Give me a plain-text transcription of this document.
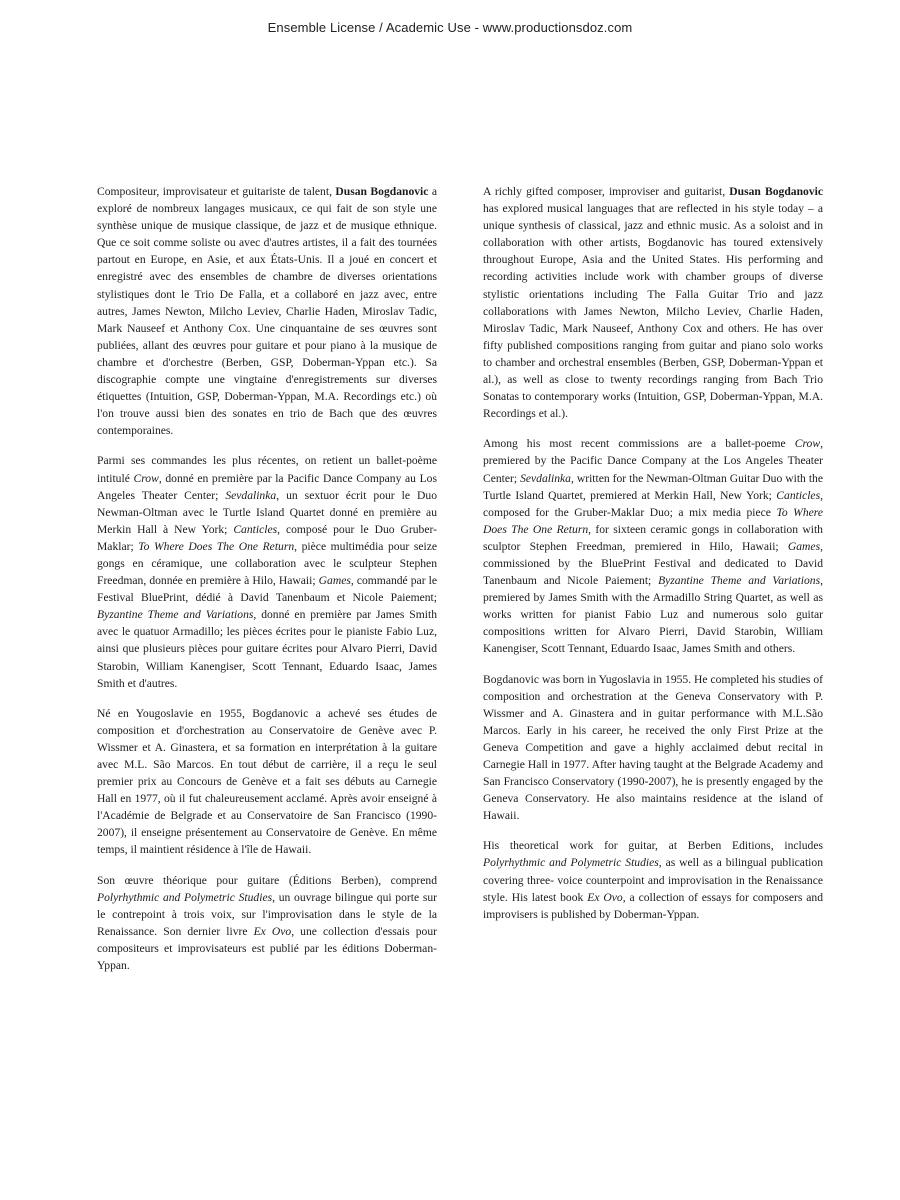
Ensemble License / Academic Use - www.productionsdoz.com

Compositeur, improvisateur et guitariste de talent, Dusan Bogdanovic a exploré de nombreux langages musicaux, ce qui fait de son style une synthèse unique de musique classique, de jazz et de musique ethnique. Que ce soit comme soliste ou avec d'autres artistes, il a fait des tournées partout en Europe, en Asie, et aux États-Unis. Il a joué en concert et enregistré avec des ensembles de chambre de diverses orientations stylistiques dont le Trio De Falla, et a collaboré en jazz avec, entre autres, James Newton, Milcho Leviev, Charlie Haden, Miroslav Tadic, Mark Nauseef et Anthony Cox. Une cinquantaine de ses œuvres sont publiées, allant des œuvres pour guitare et pour piano à la musique de chambre et d'orchestre (Berben, GSP, Doberman-Yppan etc.). Sa discographie compte une vingtaine d'enregistrements sur diverses étiquettes (Intuition, GSP, Doberman-Yppan, M.A. Recordings etc.) où l'on trouve aussi bien des sonates en trio de Bach que des œuvres contemporaines.

Parmi ses commandes les plus récentes, on retient un ballet-poème intitulé Crow, donné en première par la Pacific Dance Company au Los Angeles Theater Center; Sevdalinka, un sextuor écrit pour le Duo Newman-Oltman avec le Turtle Island Quartet donné en première au Merkin Hall à New York; Canticles, composé pour le Duo Gruber-Maklar; To Where Does The One Return, pièce multimédia pour seize gongs en céramique, une collaboration avec le sculpteur Stephen Freedman, donnée en première à Hilo, Hawaii; Games, commandé par le Festival BluePrint, dédié à David Tanenbaum et Nicole Paiement; Byzantine Theme and Variations, donné en première par James Smith avec le quatuor Armadillo; les pièces écrites pour le pianiste Fabio Luz, ainsi que plusieurs pièces pour guitare écrites pour Alvaro Pierri, David Starobin, William Kanengiser, Scott Tennant, Eduardo Isaac, James Smith et d'autres.

Né en Yougoslavie en 1955, Bogdanovic a achevé ses études de composition et d'orchestration au Conservatoire de Genève avec P. Wissmer et A. Ginastera, et sa formation en interprétation à la guitare avec M.L. São Marcos. En tout début de carrière, il a reçu le seul premier prix au Concours de Genève et a fait ses débuts au Carnegie Hall en 1977, où il fut chaleureusement acclamé. Après avoir enseigné à l'Académie de Belgrade et au Conservatoire de San Francisco (1990-2007), il enseigne présentement au Conservatoire de Genève. En même temps, il maintient résidence à l'île de Hawaii.

Son œuvre théorique pour guitare (Éditions Berben), comprend Polyrhythmic and Polymetric Studies, un ouvrage bilingue qui porte sur le contrepoint à trois voix, sur l'improvisation dans le style de la Renaissance. Son dernier livre Ex Ovo, une collection d'essais pour compositeurs et improvisateurs est publié par les éditions Doberman-Yppan.

A richly gifted composer, improviser and guitarist, Dusan Bogdanovic has explored musical languages that are reflected in his style today – a unique synthesis of classical, jazz and ethnic music. As a soloist and in collaboration with other artists, Bogdanovic has toured extensively throughout Europe, Asia and the United States. His performing and recording activities include work with chamber groups of diverse stylistic orientations including The Falla Guitar Trio and jazz collaborations with James Newton, Milcho Leviev, Charlie Haden, Miroslav Tadic, Mark Nauseef, Anthony Cox and others. He has over fifty published compositions ranging from guitar and piano solo works to chamber and orchestral ensembles (Berben, GSP, Doberman-Yppan et al.), as well as close to twenty recordings ranging from Bach Trio Sonatas to contemporary works (Intuition, GSP, Doberman-Yppan, M.A. Recordings et al.).

Among his most recent commissions are a ballet-poeme Crow, premiered by the Pacific Dance Company at the Los Angeles Theater Center; Sevdalinka, written for the Newman-Oltman Guitar Duo with the Turtle Island Quartet, premiered at Merkin Hall, New York; Canticles, composed for the Gruber-Maklar Duo; a mix media piece To Where Does The One Return, for sixteen ceramic gongs in collaboration with sculptor Stephen Freedman, premiered in Hilo, Hawaii; Games, commissioned by the BluePrint Festival and dedicated to David Tanenbaum and Nicole Paiement; Byzantine Theme and Variations, premiered by James Smith with the Armadillo String Quartet, as well as works written for pianist Fabio Luz and numerous solo guitar compositions written for Alvaro Pierri, David Starobin, William Kanengiser, Scott Tennant, Eduardo Isaac, James Smith and others.

Bogdanovic was born in Yugoslavia in 1955. He completed his studies of composition and orchestration at the Geneva Conservatory with P. Wissmer and A. Ginastera and in guitar performance with M.L.São Marcos. Early in his career, he received the only First Prize at the Geneva Competition and gave a highly acclaimed debut recital in Carnegie Hall in 1977. After having taught at the Belgrade Academy and San Francisco Conservatory (1990-2007), he is presently engaged by the Geneva Conservatory. He also maintains residence at the island of Hawaii.

His theoretical work for guitar, at Berben Editions, includes Polyrhythmic and Polymetric Studies, as well as a bilingual publication covering three- voice counterpoint and improvisation in the Renaissance style. His latest book Ex Ovo, a collection of essays for composers and improvisers is published by Doberman-Yppan.
